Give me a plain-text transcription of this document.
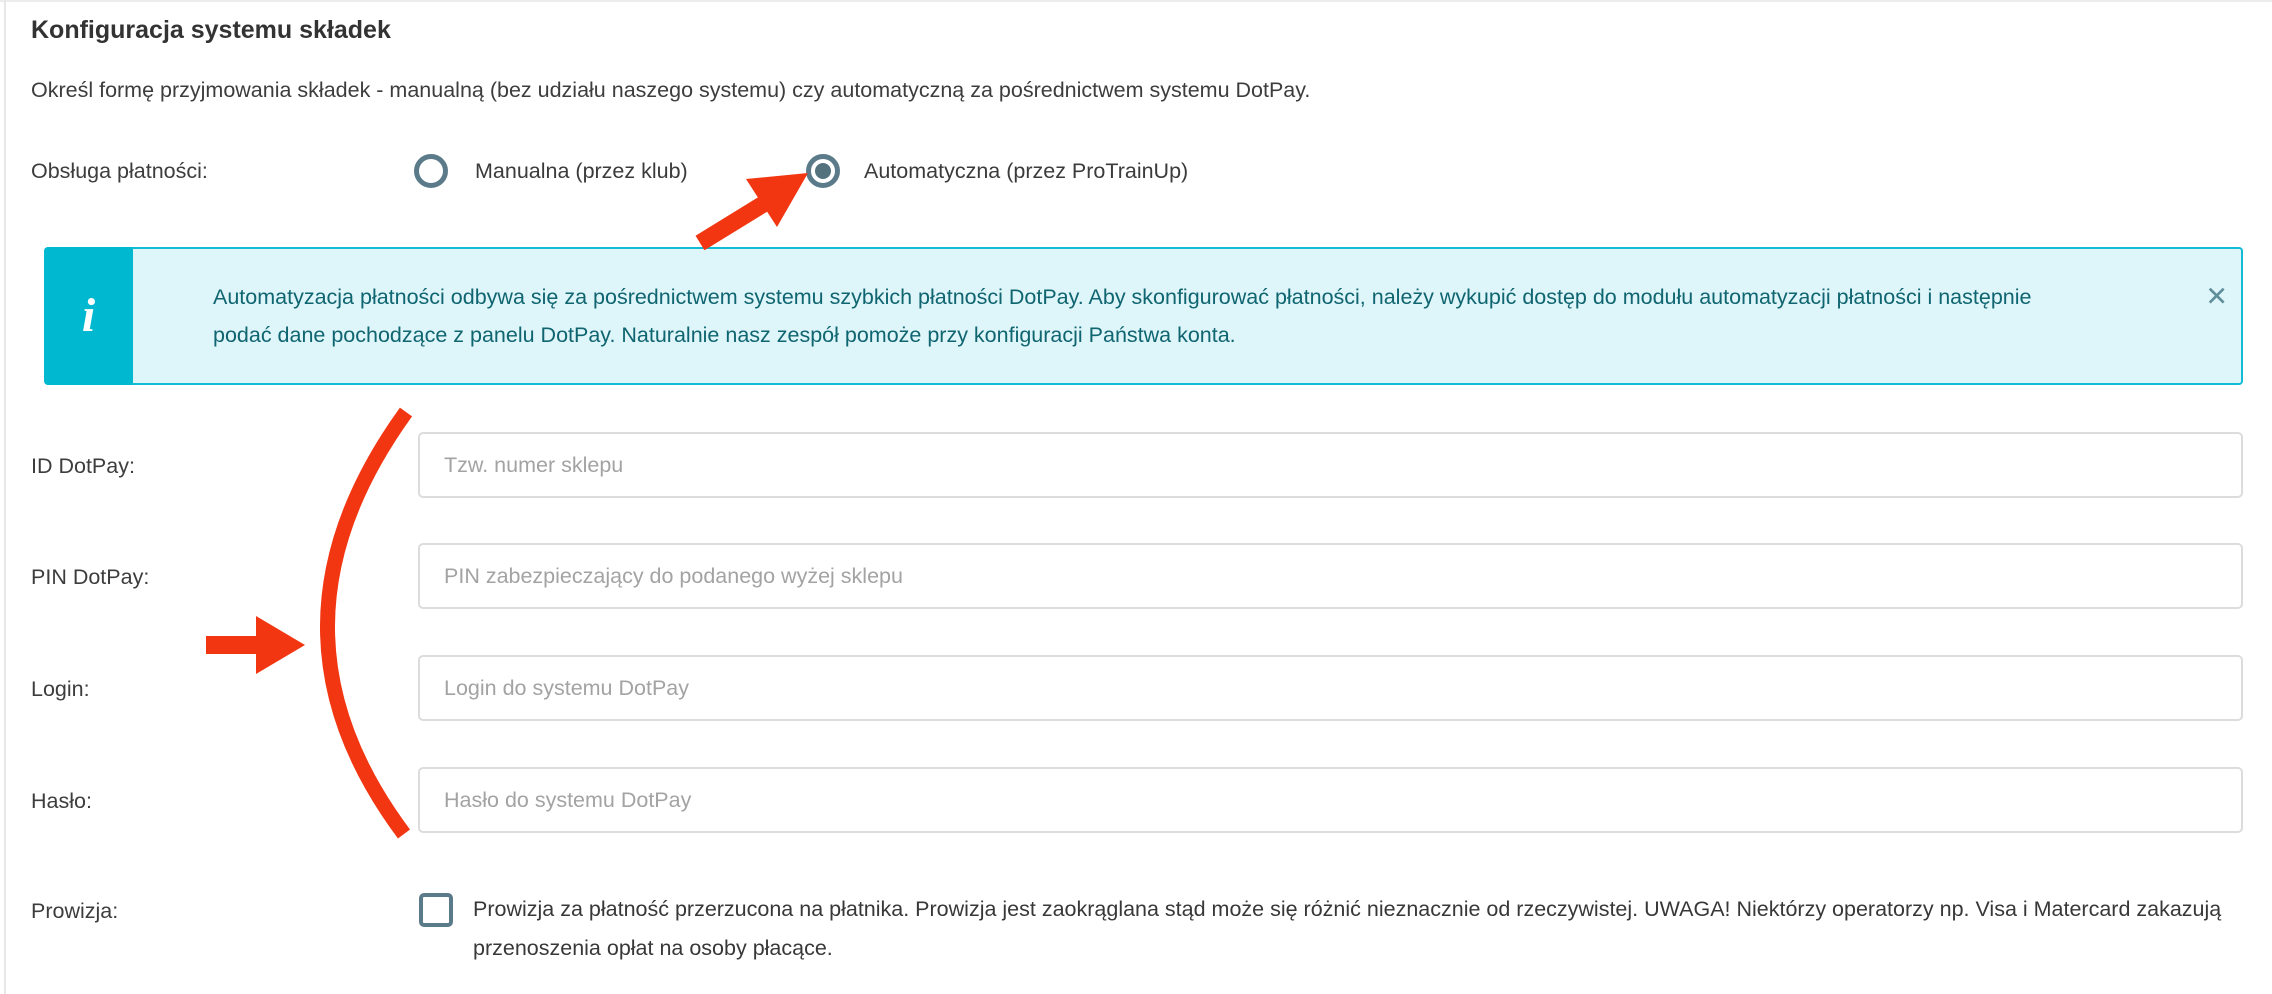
Konfiguracja systemu składek
Określ formę przyjmowania składek - manualną (bez udziału naszego systemu) czy automatyczną za pośrednictwem systemu DotPay.
Obsługa płatności:	Manualna (przez klub)	Automatyczna (przez ProTrainUp)
i	Automatyzacja płatności odbywa się za pośrednictwem systemu szybkich płatności DotPay. Aby skonfigurować płatności, należy wykupić dostęp do modułu automatyzacji płatności i następnie podać dane pochodzące z panelu DotPay. Naturalnie nasz zespół pomoże przy konfiguracji Państwa konta.
✕
ID DotPay:
Tzw. numer sklepu
PIN DotPay:
PIN zabezpieczający do podanego wyżej sklepu
Login:
Login do systemu DotPay
Hasło:
Hasło do systemu DotPay
Prowizja:	Prowizja za płatność przerzucona na płatnika. Prowizja jest zaokrąglana stąd może się różnić nieznacznie od rzeczywistej. UWAGA! Niektórzy operatorzy np. Visa i Matercard zakazują przenoszenia opłat na osoby płacące.
